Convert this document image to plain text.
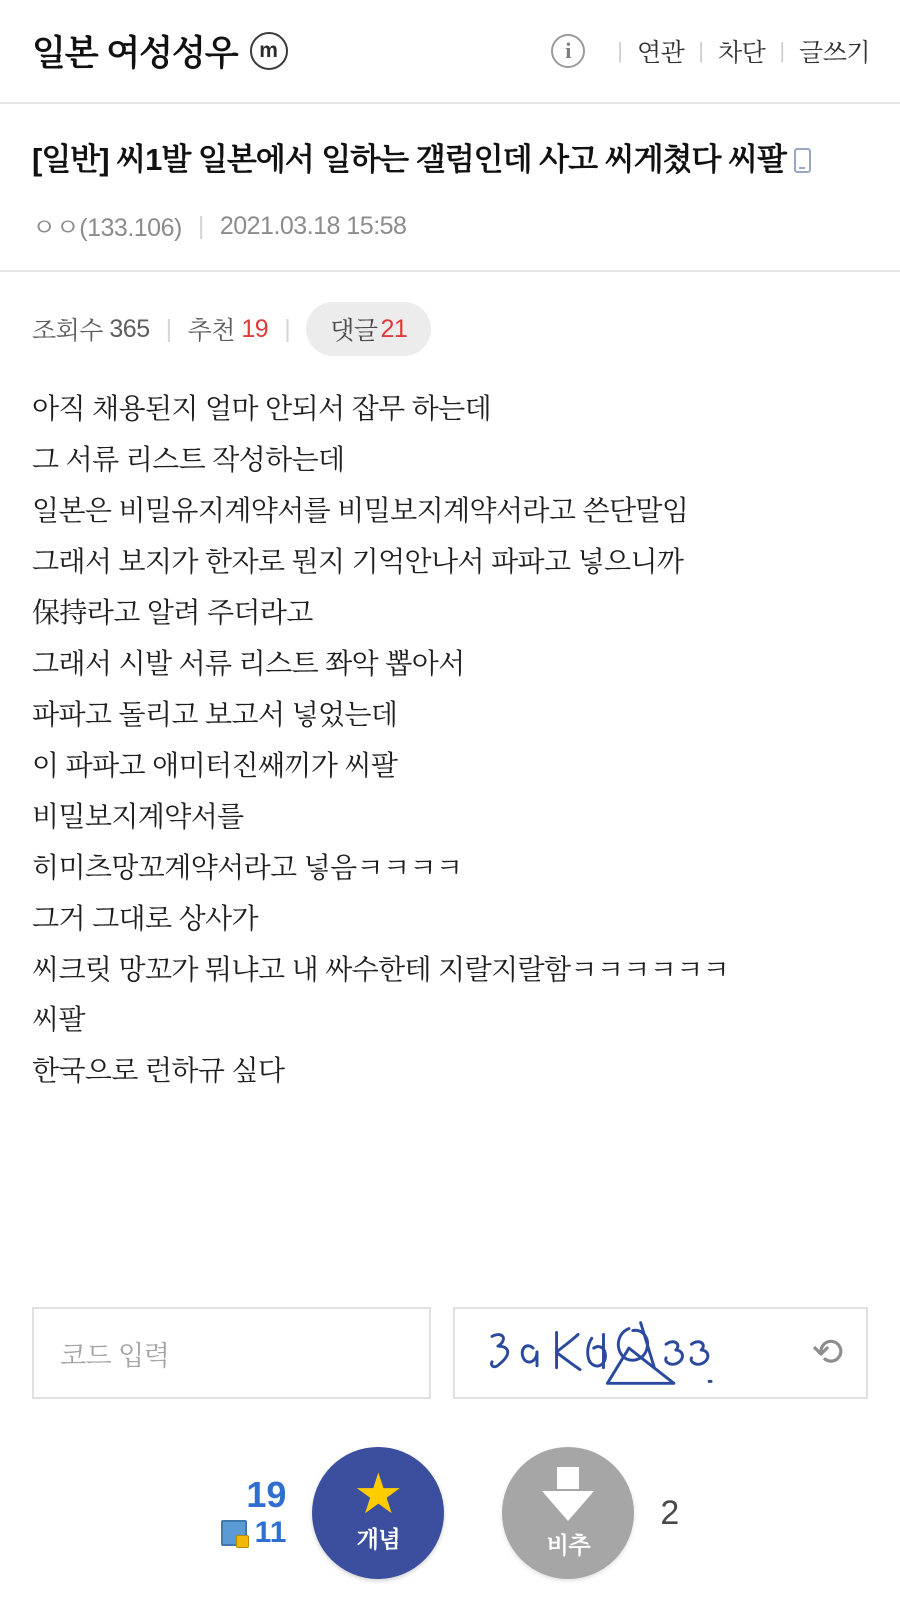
일본 여성성우	m	i	| 연관 | 차단 | 글쓰기
[일반] 씨1발 일본에서 일하는 갤럼인데 사고 씨게쳤다 씨팔
ㅇㅇ(133.106) | 2021.03.18 15:58
조회수
365 | 추천
19 | 댓글 21

아직 채용된지 얼마 안되서 잡무 하는데

그 서류 리스트 작성하는데

일본은 비밀유지계약서를 비밀보지계약서라고 쓴단말임

그래서 보지가 한자로 뭔지 기억안나서 파파고 넣으니까

保持라고 알려 주더라고

그래서 시발 서류 리스트 쫘악 뽑아서

파파고 돌리고 보고서 넣었는데

이 파파고 애미터진쌔끼가 씨팔

비밀보지계약서를

히미츠망꼬계약서라고 넣음ㅋㅋㅋㅋ

그거 그대로 상사가

씨크릿 망꼬가 뭐냐고 내 싸수한테 지랄지랄함ㅋㅋㅋㅋㅋㅋ

씨팔

한국으로 런하규 싶다

코드 입력	⟳
19
11
★
개념	비추
2
